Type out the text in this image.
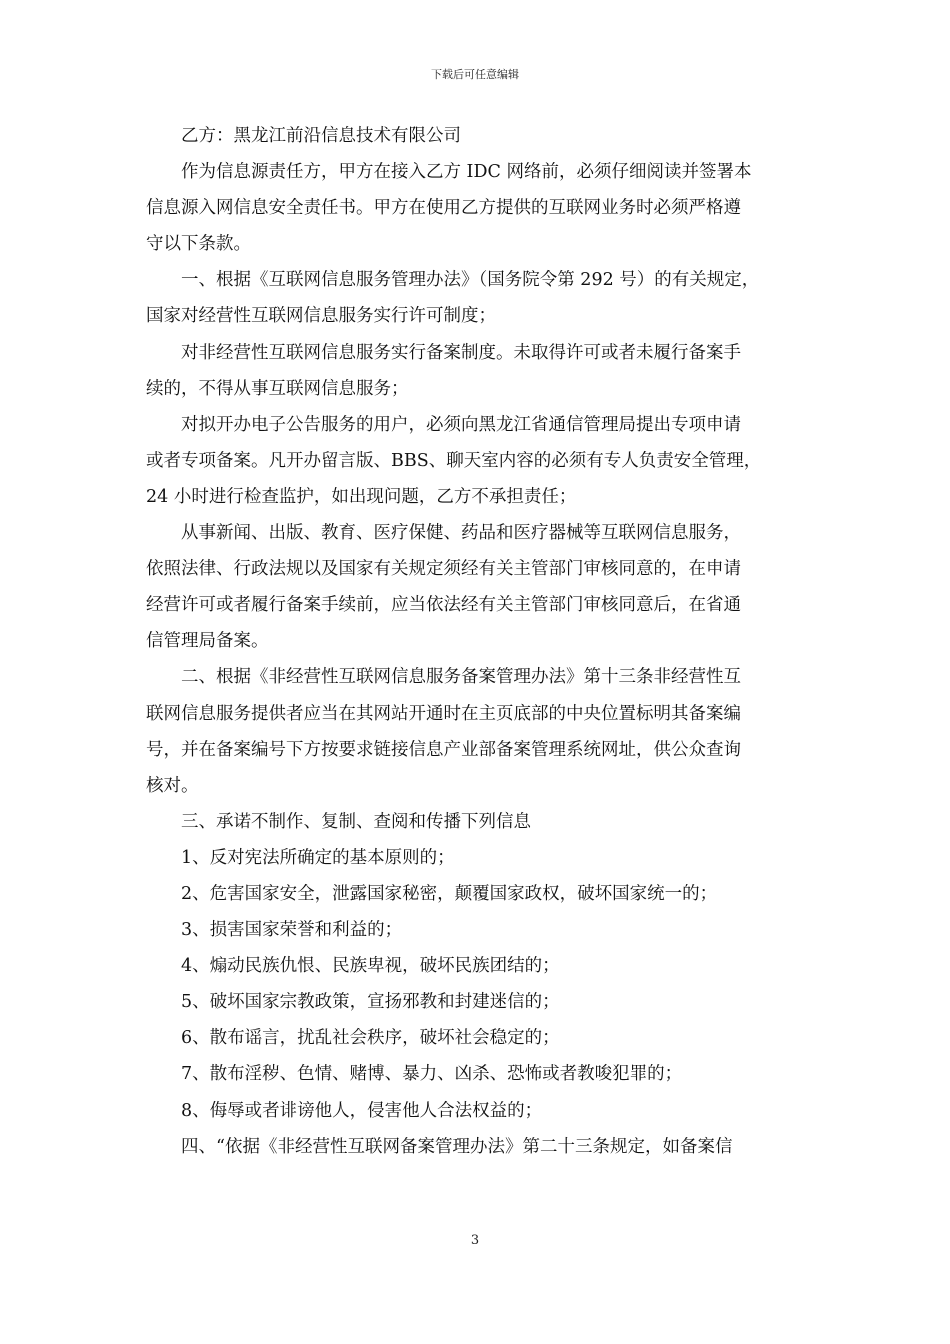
下载后可任意编辑
乙方：黑龙江前沿信息技术有限公司
作为信息源责任方，甲方在接入乙方 IDC 网络前，必须仔细阅读并签署本
信息源入网信息安全责任书。甲方在使用乙方提供的互联网业务时必须严格遵
守以下条款。
一、根据《互联网信息服务管理办法》（国务院令第 292 号）的有关规定，
国家对经营性互联网信息服务实行许可制度；
对非经营性互联网信息服务实行备案制度。未取得许可或者未履行备案手
续的，不得从事互联网信息服务；
对拟开办电子公告服务的用户，必须向黑龙江省通信管理局提出专项申请
或者专项备案。凡开办留言版、BBS、聊天室内容的必须有专人负责安全管理，
24 小时进行检查监护，如出现问题，乙方不承担责任；
从事新闻、出版、教育、医疗保健、药品和医疗器械等互联网信息服务，
依照法律、行政法规以及国家有关规定须经有关主管部门审核同意的，在申请
经营许可或者履行备案手续前，应当依法经有关主管部门审核同意后，在省通
信管理局备案。
二、根据《非经营性互联网信息服务备案管理办法》第十三条非经营性互
联网信息服务提供者应当在其网站开通时在主页底部的中央位置标明其备案编
号，并在备案编号下方按要求链接信息产业部备案管理系统网址，供公众查询
核对。
三、承诺不制作、复制、查阅和传播下列信息
1、反对宪法所确定的基本原则的；
2、危害国家安全，泄露国家秘密，颠覆国家政权，破坏国家统一的；
3、损害国家荣誉和利益的；
4、煽动民族仇恨、民族卑视，破坏民族团结的；
5、破坏国家宗教政策，宣扬邪教和封建迷信的；
6、散布谣言，扰乱社会秩序，破坏社会稳定的；
7、散布淫秽、色情、赌博、暴力、凶杀、恐怖或者教唆犯罪的；
8、侮辱或者诽谤他人，侵害他人合法权益的；
四、“依据《非经营性互联网备案管理办法》第二十三条规定，如备案信
3
